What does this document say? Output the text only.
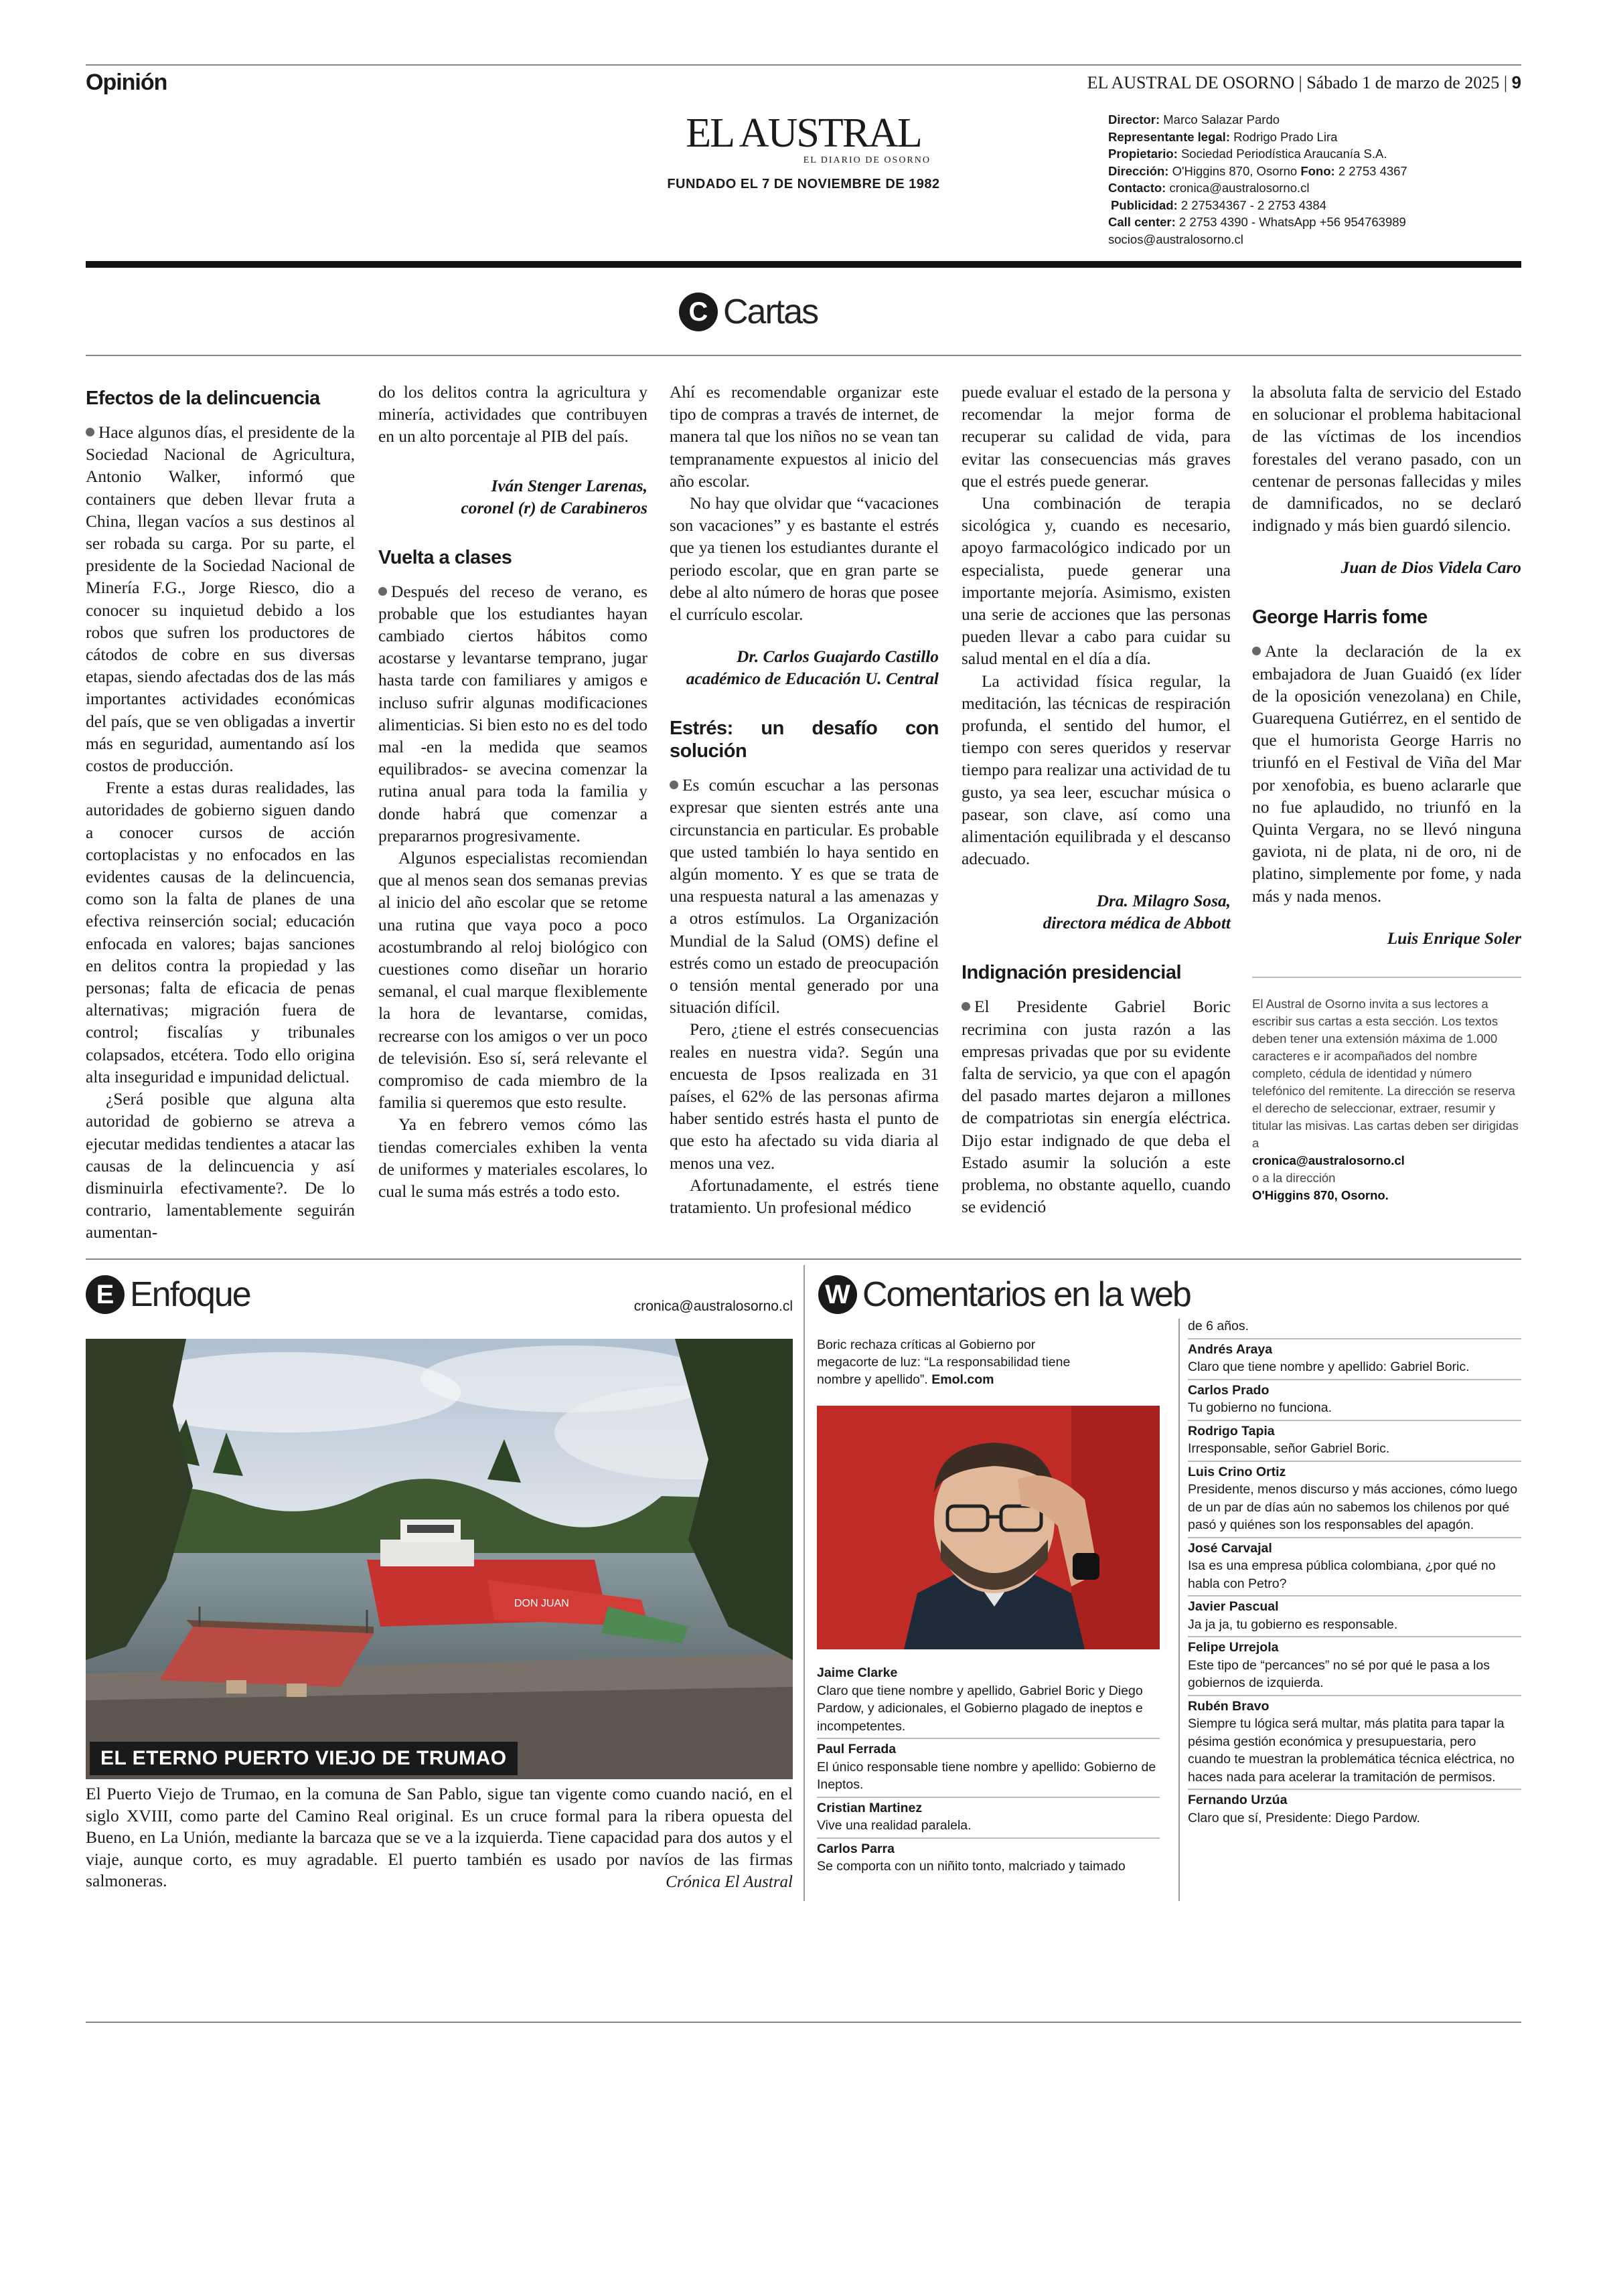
Opinión	EL AUSTRAL DE OSORNO | Sábado 1 de marzo de 2025 | 9
EL AUSTRAL
EL DIARIO DE OSORNO
FUNDADO EL 7 DE NOVIEMBRE DE 1982
Director: Marco Salazar Pardo
Representante legal: Rodrigo Prado Lira
Propietario: Sociedad Periodística Araucanía S.A.
Dirección: O'Higgins 870, Osorno Fono: 2 2753 4367
Contacto: cronica@australosorno.cl
Publicidad: 2 27534367 - 2 2753 4384
Call center: 2 2753 4390 - WhatsApp +56 954763989
socios@australosorno.cl
C Cartas
Efectos de la delincuencia

Hace algunos días, el presidente de la Sociedad Nacional de Agricultura, Antonio Walker, informó que containers que deben llevar fruta a China, llegan vacíos a sus destinos al ser robada su carga. Por su parte, el presidente de la Sociedad Nacional de Minería F.G., Jorge Riesco, dio a conocer su inquietud debido a los robos que sufren los productores de cátodos de cobre en sus diversas etapas, siendo afectadas dos de las más importantes actividades económicas del país, que se ven obligadas a invertir más en seguridad, aumentando así los costos de producción.

Frente a estas duras realidades, las autoridades de gobierno siguen dando a conocer cursos de acción cortoplacistas y no enfocados en las evidentes causas de la delincuencia, como son la falta de planes de una efectiva reinserción social; educación enfocada en valores; bajas sanciones en delitos contra la propiedad y las personas; falta de eficacia de penas alternativas; migración fuera de control; fiscalías y tribunales colapsados, etcétera. Todo ello origina alta inseguridad e impunidad delictual.

¿Será posible que alguna alta autoridad de gobierno se atreva a ejecutar medidas tendientes a atacar las causas de la delincuencia y así disminuirla efectivamente?. De lo contrario, lamentablemente seguirán aumentan-

do los delitos contra la agricultura y minería, actividades que contribuyen en un alto porcentaje al PIB del país.

Iván Stenger Larenas,
coronel (r) de Carabineros
Vuelta a clases

Después del receso de verano, es probable que los estudiantes hayan cambiado ciertos hábitos como acostarse y levantarse temprano, jugar hasta tarde con familiares y amigos e incluso sufrir algunas modificaciones alimenticias. Si bien esto no es del todo mal -en la medida que seamos equilibrados- se avecina comenzar la rutina anual para toda la familia y donde habrá que comenzar a prepararnos progresivamente.

Algunos especialistas recomiendan que al menos sean dos semanas previas al inicio del año escolar que se retome una rutina que vaya poco a poco acostumbrando al reloj biológico con cuestiones como diseñar un horario semanal, el cual marque flexiblemente la hora de levantarse, comidas, recrearse con los amigos o ver un poco de televisión. Eso sí, será relevante el compromiso de cada miembro de la familia si queremos que esto resulte.

Ya en febrero vemos cómo las tiendas comerciales exhiben la venta de uniformes y materiales escolares, lo cual le suma más estrés a todo esto.

Ahí es recomendable organizar este tipo de compras a través de internet, de manera tal que los niños no se vean tan tempranamente expuestos al inicio del año escolar.

No hay que olvidar que “vacaciones son vacaciones” y es bastante el estrés que ya tienen los estudiantes durante el periodo escolar, que en gran parte se debe al alto número de horas que posee el currículo escolar.

Dr. Carlos Guajardo Castillo
académico de Educación U. Central
Estrés: un desafío con solución

Es común escuchar a las personas expresar que sienten estrés ante una circunstancia en particular. Es probable que usted también lo haya sentido en algún momento. Y es que se trata de una respuesta natural a las amenazas y a otros estímulos. La Organización Mundial de la Salud (OMS) define el estrés como un estado de preocupación o tensión mental generado por una situación difícil.

Pero, ¿tiene el estrés consecuencias reales en nuestra vida?. Según una encuesta de Ipsos realizada en 31 países, el 62% de las personas afirma haber sentido estrés hasta el punto de que esto ha afectado su vida diaria al menos una vez.

Afortunadamente, el estrés tiene tratamiento. Un profesional médico

puede evaluar el estado de la persona y recomendar la mejor forma de recuperar su calidad de vida, para evitar las consecuencias más graves que el estrés puede generar.

Una combinación de terapia sicológica y, cuando es necesario, apoyo farmacológico indicado por un especialista, puede generar una importante mejoría. Asimismo, existen una serie de acciones que las personas pueden llevar a cabo para cuidar su salud mental en el día a día.

La actividad física regular, la meditación, las técnicas de respiración profunda, el sentido del humor, el tiempo con seres queridos y reservar tiempo para realizar una actividad de tu gusto, ya sea leer, escuchar música o pasear, son clave, así como una alimentación equilibrada y el descanso adecuado.

Dra. Milagro Sosa,
directora médica de Abbott
Indignación presidencial

El Presidente Gabriel Boric recrimina con justa razón a las empresas privadas que por su evidente falta de servicio, ya que con el apagón del pasado martes dejaron a millones de compatriotas sin energía eléctrica. Dijo estar indignado de que deba el Estado asumir la solución a este problema, no obstante aquello, cuando se evidenció

la absoluta falta de servicio del Estado en solucionar el problema habitacional de las víctimas de los incendios forestales del verano pasado, con un centenar de personas fallecidas y miles de damnificados, no se declaró indignado y más bien guardó silencio.

Juan de Dios Videla Caro
George Harris fome

Ante la declaración de la ex embajadora de Juan Guaidó (ex líder de la oposición venezolana) en Chile, Guarequena Gutiérrez, en el sentido de que el humorista George Harris no triunfó en el Festival de Viña del Mar por xenofobia, es bueno aclararle que no fue aplaudido, no triunfó en la Quinta Vergara, no se llevó ninguna gaviota, ni de plata, ni de oro, ni de platino, simplemente por fome, y nada más y nada menos.

Luis Enrique Soler
El Austral de Osorno invita a sus lectores a escribir sus cartas a esta sección. Los textos deben tener una extensión máxima de 1.000 caracteres e ir acompañados del nombre completo, cédula de identidad y número telefónico del remitente. La dirección se reserva el derecho de seleccionar, extraer, resumir y titular las misivas. Las cartas deben ser dirigidas a
cronica@australosorno.cl
o a la dirección
O'Higgins 870, Osorno.
E Enfoque	cronica@australosorno.cl
DON JUAN
EL ETERNO PUERTO VIEJO DE TRUMAO
El Puerto Viejo de Trumao, en la comuna de San Pablo, sigue tan vigente como cuando nació, en el siglo XVIII, como parte del Camino Real original. Es un cruce formal para la ribera opuesta del Bueno, en La Unión, mediante la barcaza que se ve a la izquierda. Tiene capacidad para dos autos y el viaje, aunque corto, es muy agradable. El puerto también es usado por navíos de las firmas salmoneras.	Crónica El Austral
W Comentarios en la web
Boric rechaza críticas al Gobierno por megacorte de luz: “La responsabilidad tiene nombre y apellido”. Emol.com
Jaime Clarke
Claro que tiene nombre y apellido, Gabriel Boric y Diego Pardow, y adicionales, el Gobierno plagado de ineptos e incompetentes.
Paul Ferrada
El único responsable tiene nombre y apellido: Gobierno de Ineptos.
Cristian Martinez
Vive una realidad paralela.
Carlos Parra
Se comporta con un niñito tonto, malcriado y taimado
de 6 años.
Andrés Araya
Claro que tiene nombre y apellido: Gabriel Boric.
Carlos Prado
Tu gobierno no funciona.
Rodrigo Tapia
Irresponsable, señor Gabriel Boric.
Luis Crino Ortiz
Presidente, menos discurso y más acciones, cómo luego de un par de días aún no sabemos los chilenos por qué pasó y quiénes son los responsables del apagón.
José Carvajal
Isa es una empresa pública colombiana, ¿por qué no habla con Petro?
Javier Pascual
Ja ja ja, tu gobierno es responsable.
Felipe Urrejola
Este tipo de “percances” no sé por qué le pasa a los gobiernos de izquierda.
Rubén Bravo
Siempre tu lógica será multar, más platita para tapar la pésima gestión económica y presupuestaria, pero cuando te muestran la problemática técnica eléctrica, no haces nada para acelerar la tramitación de permisos.
Fernando Urzúa
Claro que sí, Presidente: Diego Pardow.
